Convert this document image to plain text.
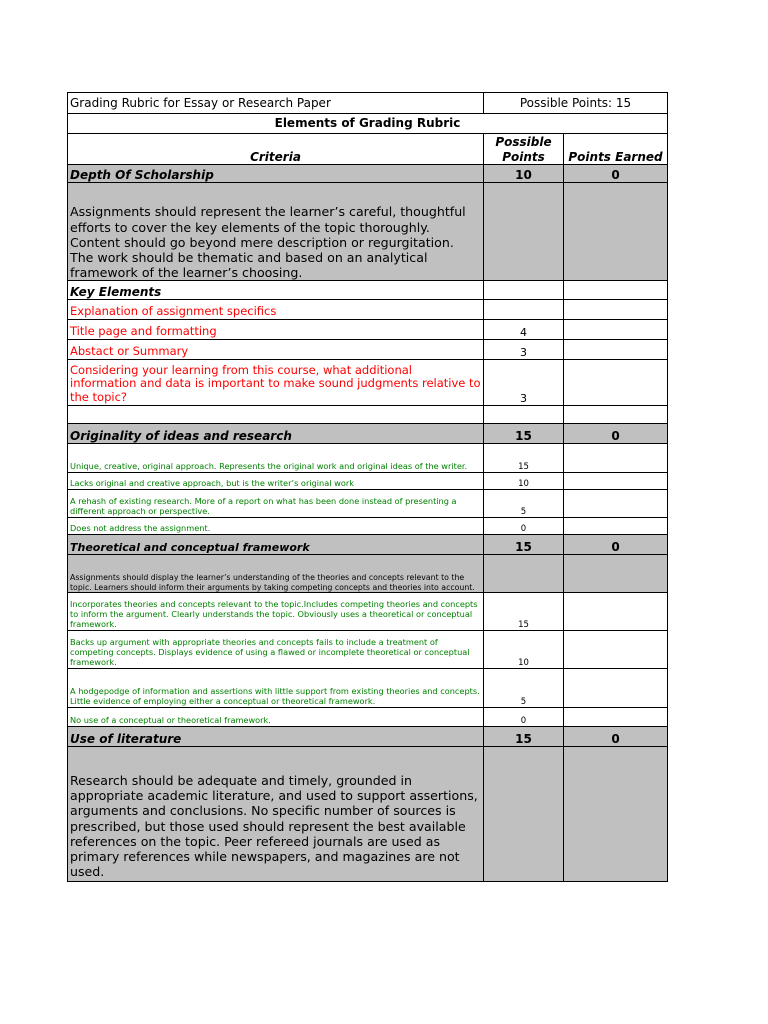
Grading Rubric for Essay or Research Paper	Possible Points: 15	
Elements of Grading Rubric		
Criteria	Possible Points	Points Earned
Depth Of Scholarship	10	0
Assignments should represent the learner’s careful, thoughtful efforts to cover the key elements of the topic thoroughly. Content should go beyond mere description or regurgitation. The work should be thematic and based on an analytical framework of the learner’s choosing.		
Key Elements		
Explanation of assignment specifics		
Title page and formatting	4	
Abstact or Summary	3	
Considering your learning from this course, what additional information and data is important to make sound judgments relative to the topic?	3	

Originality of ideas and research	15	0
Unique, creative, original approach. Represents the original work and original ideas of the writer.	15	
Lacks original and creative approach, but is the writer’s original work	10	
A rehash of existing research. More of a report on what has been done instead of presenting a different approach or perspective.	5	
Does not address the assignment.	0	
Theoretical and conceptual framework	15	0
Assignments should display the learner’s understanding of the theories and concepts relevant to the topic. Learners should inform their arguments by taking competing concepts and theories into account.		
Incorporates theories and concepts relevant to the topic.Includes competing theories and concepts to inform the argument. Clearly understands the topic. Obviously uses a theoretical or conceptual framework.	15	
Backs up argument with appropriate theories and concepts fails to include a treatment of competing concepts. Displays evidence of using a flawed or incomplete theoretical or conceptual framework.	10	
A hodgepodge of information and assertions with little support from existing theories and concepts. Little evidence of employing either a conceptual or theoretical framework.	5	
No use of a conceptual or theoretical framework.	0	
Use of literature	15	0
Research should be adequate and timely, grounded in appropriate academic literature, and used to support assertions, arguments and conclusions. No specific number of sources is prescribed, but those used should represent the best available references on the topic. Peer refereed journals are used as primary references while newspapers, and magazines are not used.		
